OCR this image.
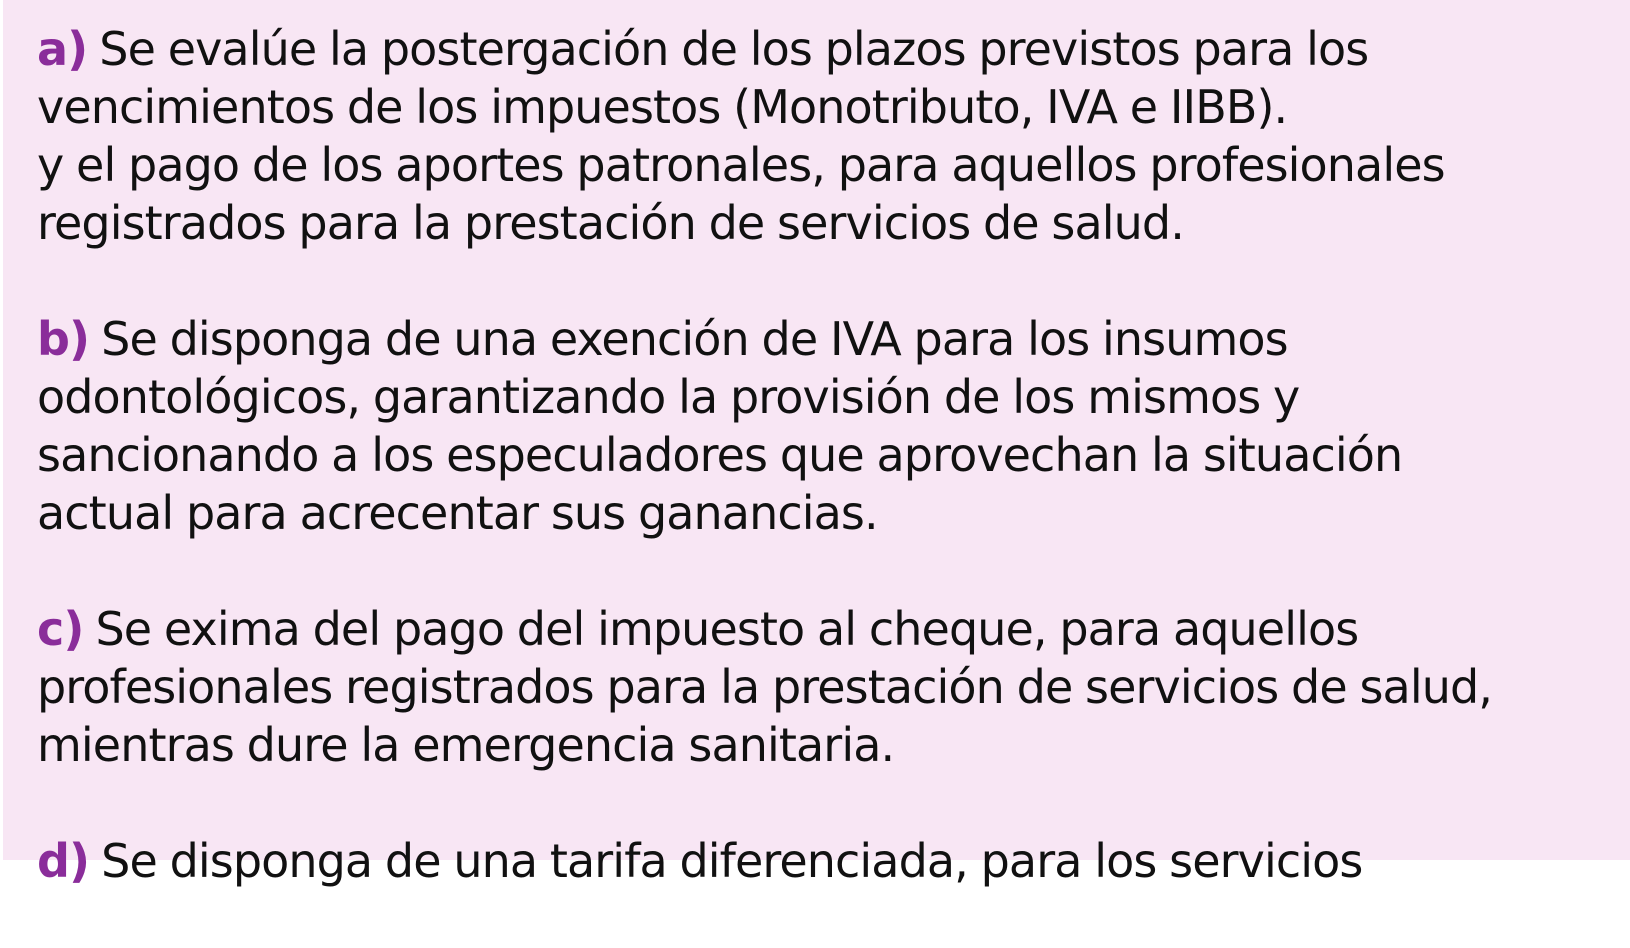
a) Se evalúe la postergación de los plazos previstos para los
vencimientos de los impuestos (Monotributo, IVA e IIBB).
y el pago de los aportes patronales, para aquellos profesionales
registrados para la prestación de servicios de salud.
b) Se disponga de una exención de IVA para los insumos
odontológicos, garantizando la provisión de los mismos y
sancionando a los especuladores que aprovechan la situación
actual para acrecentar sus ganancias.
c) Se exima del pago del impuesto al cheque, para aquellos
profesionales registrados para la prestación de servicios de salud,
mientras dure la emergencia sanitaria.
d) Se disponga de una tarifa diferenciada, para los servicios
